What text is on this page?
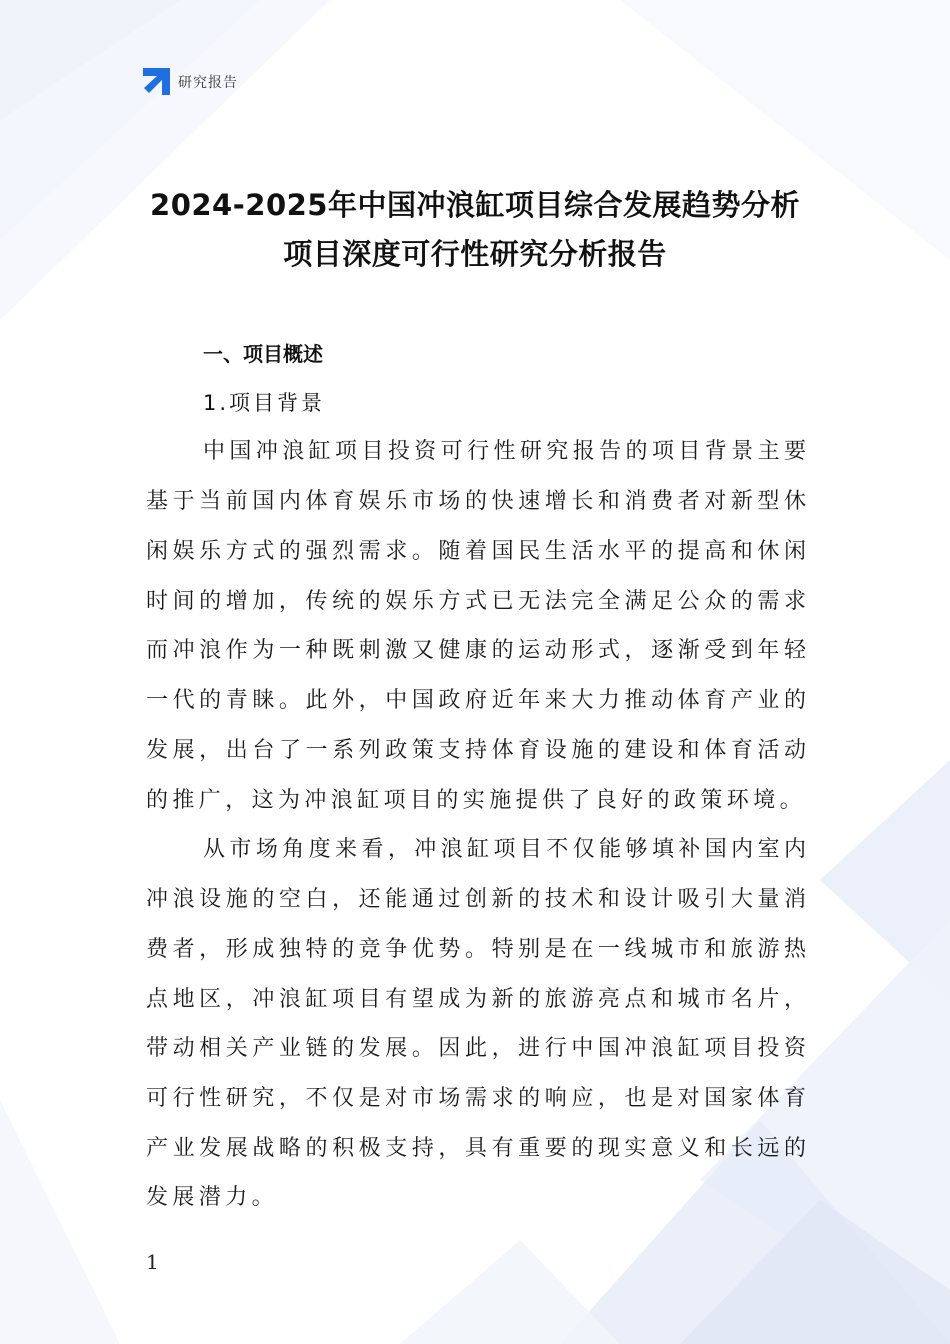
研究报告
2024-2025年中国冲浪缸项目综合发展趋势分析
项目深度可行性研究分析报告
一、项目概述
1.项目背景
中国冲浪缸项目投资可行性研究报告的项目背景主要
基于当前国内体育娱乐市场的快速增长和消费者对新型休
闲娱乐方式的强烈需求。随着国民生活水平的提高和休闲
时间的增加，传统的娱乐方式已无法完全满足公众的需求
而冲浪作为一种既刺激又健康的运动形式，逐渐受到年轻
一代的青睐。此外，中国政府近年来大力推动体育产业的
发展，出台了一系列政策支持体育设施的建设和体育活动
的推广，这为冲浪缸项目的实施提供了良好的政策环境。
从市场角度来看，冲浪缸项目不仅能够填补国内室内
冲浪设施的空白，还能通过创新的技术和设计吸引大量消
费者，形成独特的竞争优势。特别是在一线城市和旅游热
点地区，冲浪缸项目有望成为新的旅游亮点和城市名片，
带动相关产业链的发展。因此，进行中国冲浪缸项目投资
可行性研究，不仅是对市场需求的响应，也是对国家体育
产业发展战略的积极支持，具有重要的现实意义和长远的
发展潜力。
1
